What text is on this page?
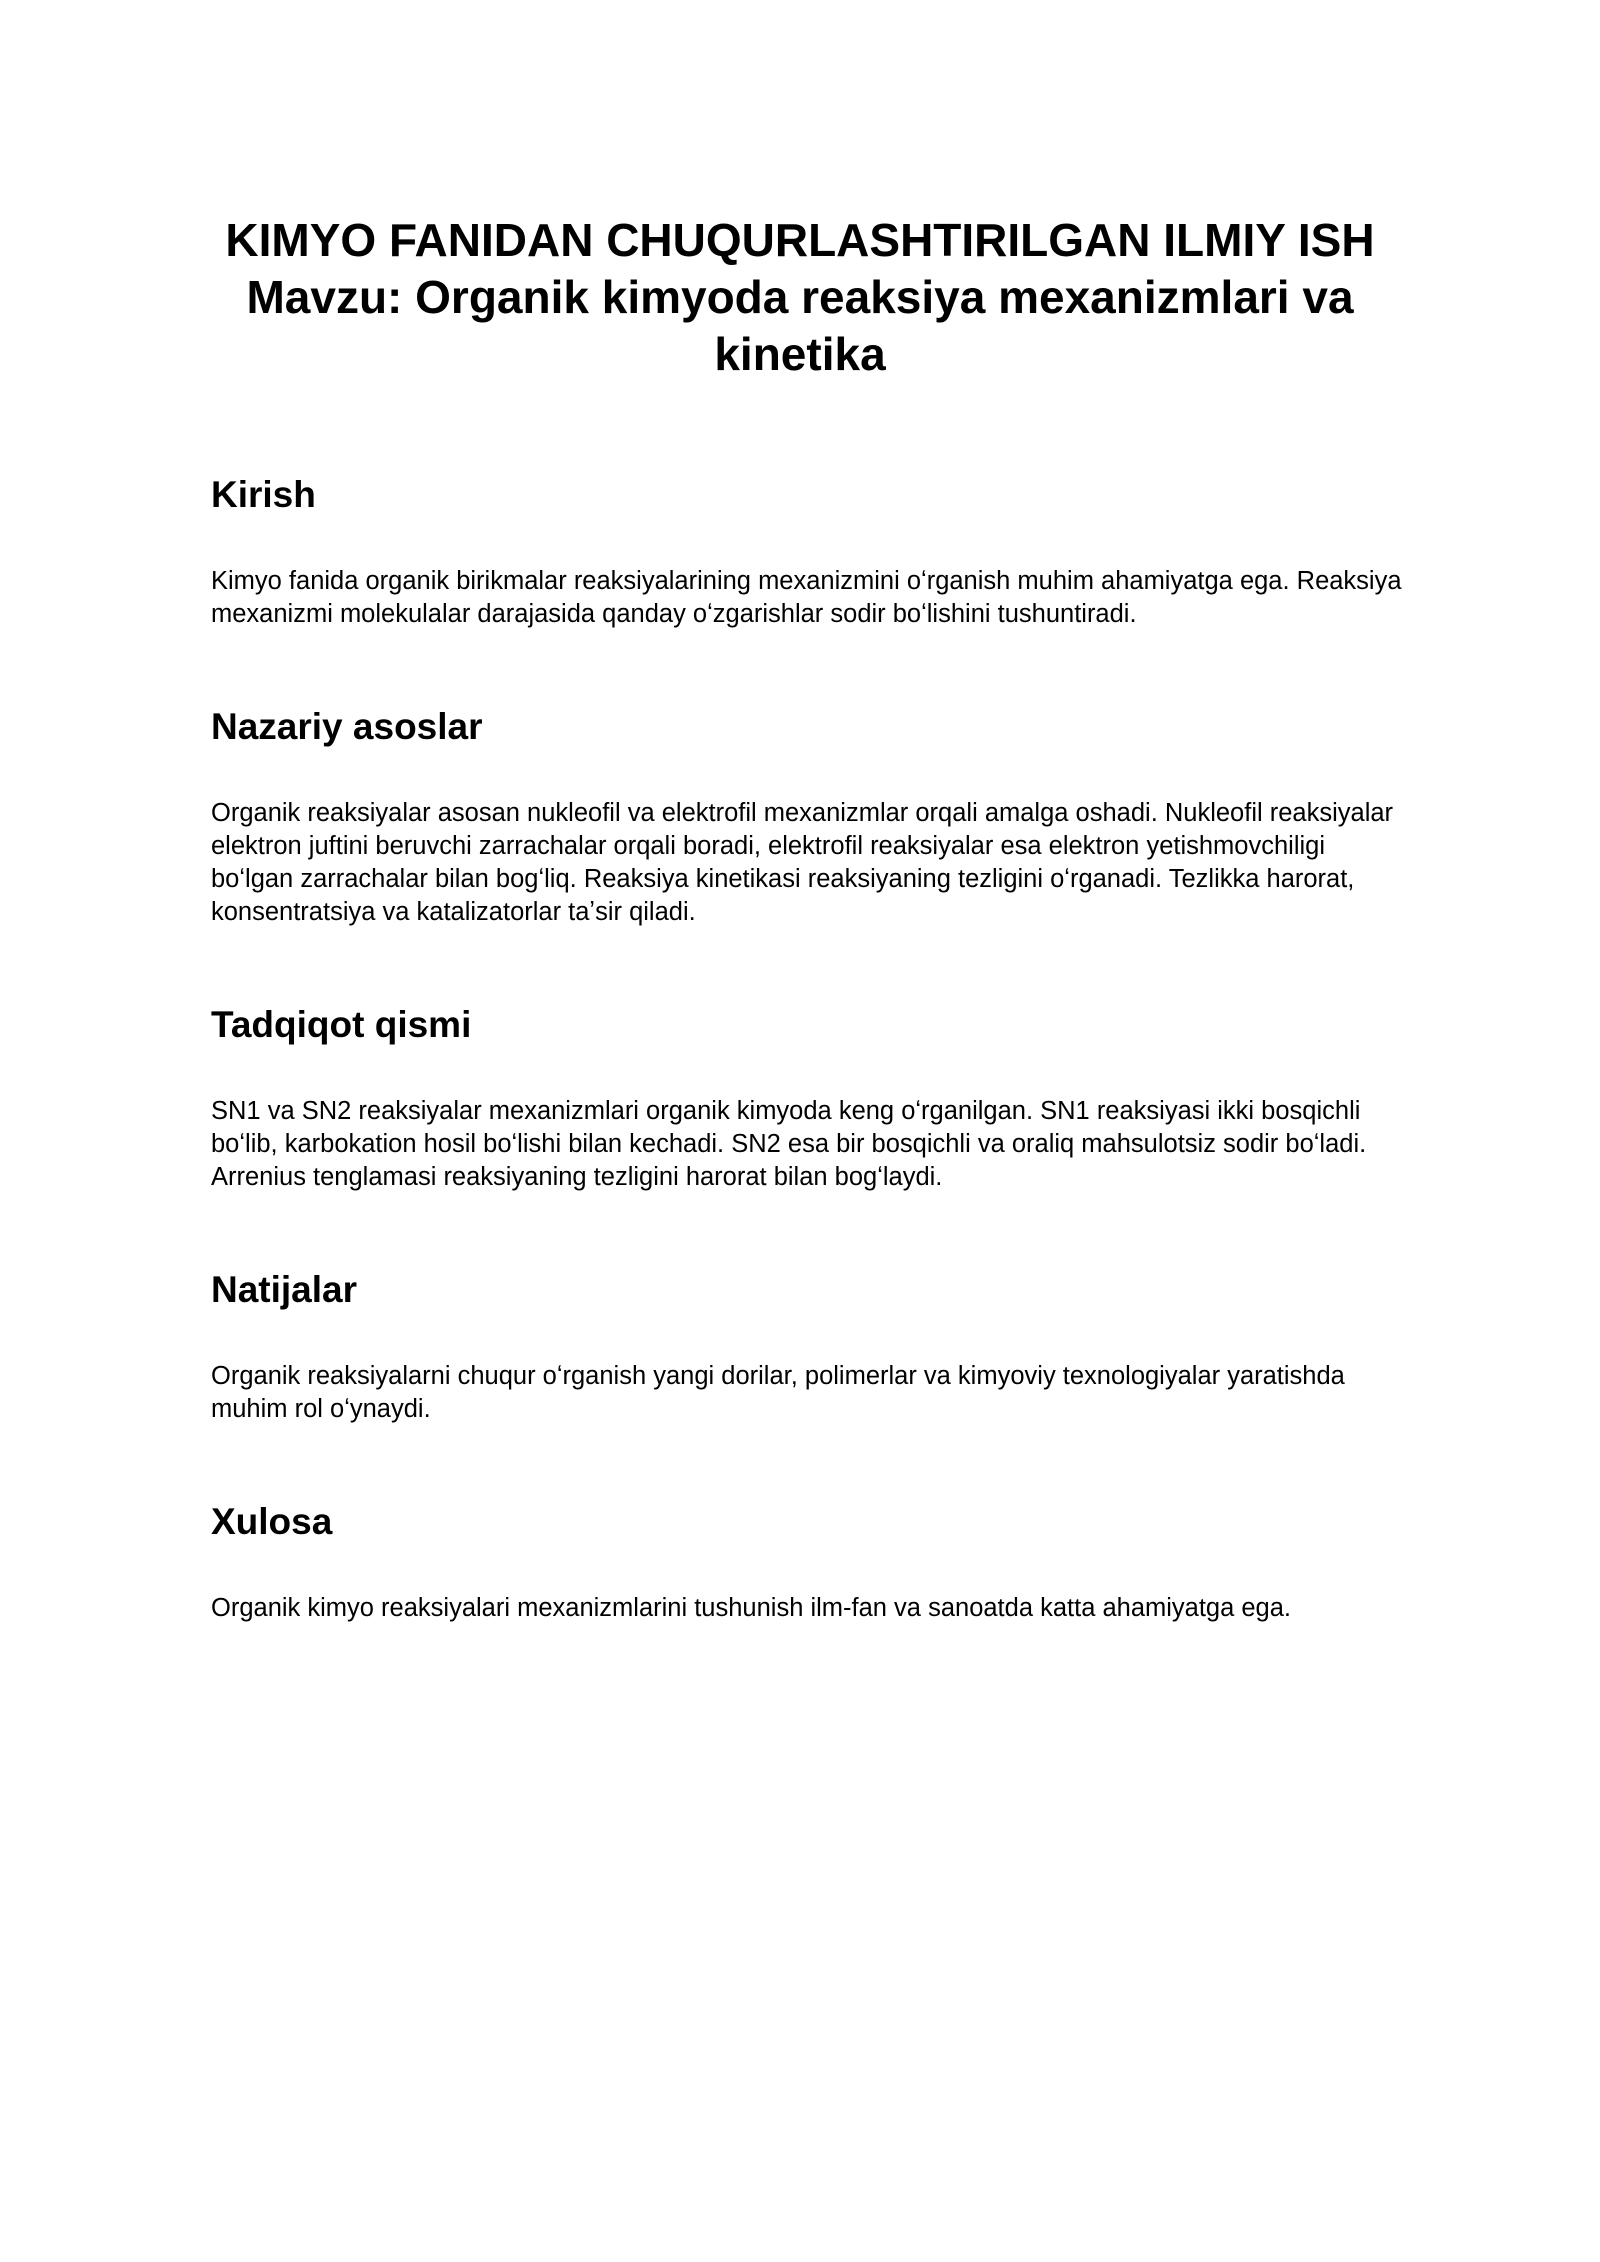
KIMYO FANIDAN CHUQURLASHTIRILGAN ILMIY ISH Mavzu: Organik kimyoda reaksiya mexanizmlari va kinetika
Kirish

Kimyo fanida organik birikmalar reaksiyalarining mexanizmini oʻrganish muhim ahamiyatga ega. Reaksiya mexanizmi molekulalar darajasida qanday oʻzgarishlar sodir boʻlishini tushuntiradi.

Nazariy asoslar

Organik reaksiyalar asosan nukleofil va elektrofil mexanizmlar orqali amalga oshadi. Nukleofil reaksiyalar elektron juftini beruvchi zarrachalar orqali boradi, elektrofil reaksiyalar esa elektron yetishmovchiligi boʻlgan zarrachalar bilan bogʻliq. Reaksiya kinetikasi reaksiyaning tezligini oʻrganadi. Tezlikka harorat, konsentratsiya va katalizatorlar taʼsir qiladi.

Tadqiqot qismi

SN1 va SN2 reaksiyalar mexanizmlari organik kimyoda keng oʻrganilgan. SN1 reaksiyasi ikki bosqichli boʻlib, karbokation hosil boʻlishi bilan kechadi. SN2 esa bir bosqichli va oraliq mahsulotsiz sodir boʻladi. Arrenius tenglamasi reaksiyaning tezligini harorat bilan bogʻlaydi.

Natijalar

Organik reaksiyalarni chuqur oʻrganish yangi dorilar, polimerlar va kimyoviy texnologiyalar yaratishda muhim rol oʻynaydi.

Xulosa

Organik kimyo reaksiyalari mexanizmlarini tushunish ilm-fan va sanoatda katta ahamiyatga ega.
